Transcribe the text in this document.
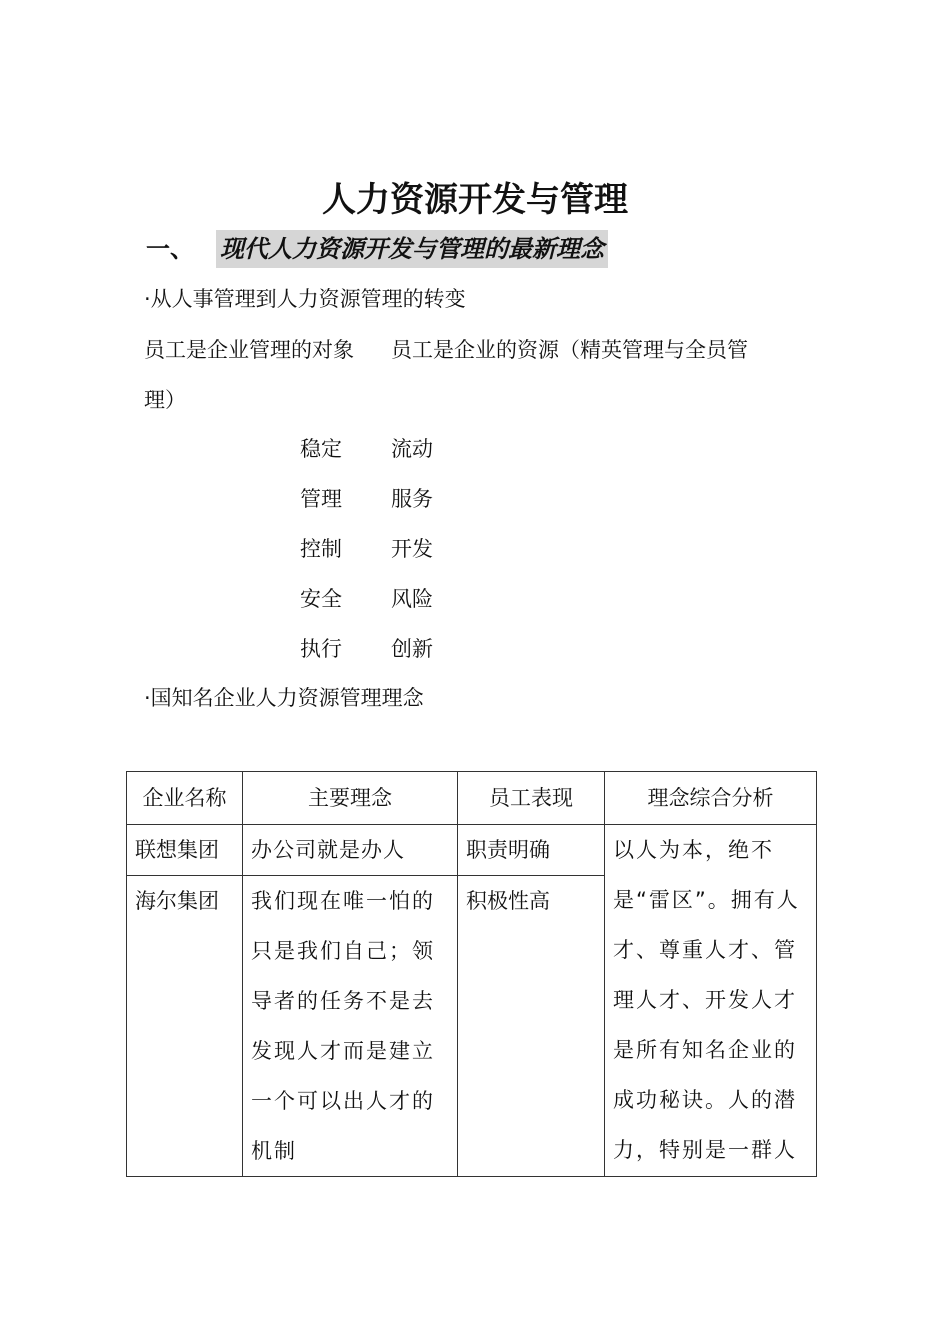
人力资源开发与管理
一、 现代人力资源开发与管理的最新理念
·从人事管理到人力资源管理的转变
员工是企业管理的对象 员工是企业的资源（精英管理与全员管
理）
稳定 流动
管理 服务
控制 开发
安全 风险
执行 创新
·国知名企业人力资源管理理念
企业名称	主要理念	员工表现	理念综合分析
联想集团	办公司就是办人	职责明确	以人为本，绝不是“雷区”。拥有人才、尊重人才、管理人才、开发人才是所有知名企业的成功秘诀。人的潜力，特别是一群人
海尔集团	我们现在唯一怕的只是我们自己；领导者的任务不是去发现人才而是建立一个可以出人才的机制	积极性高	
